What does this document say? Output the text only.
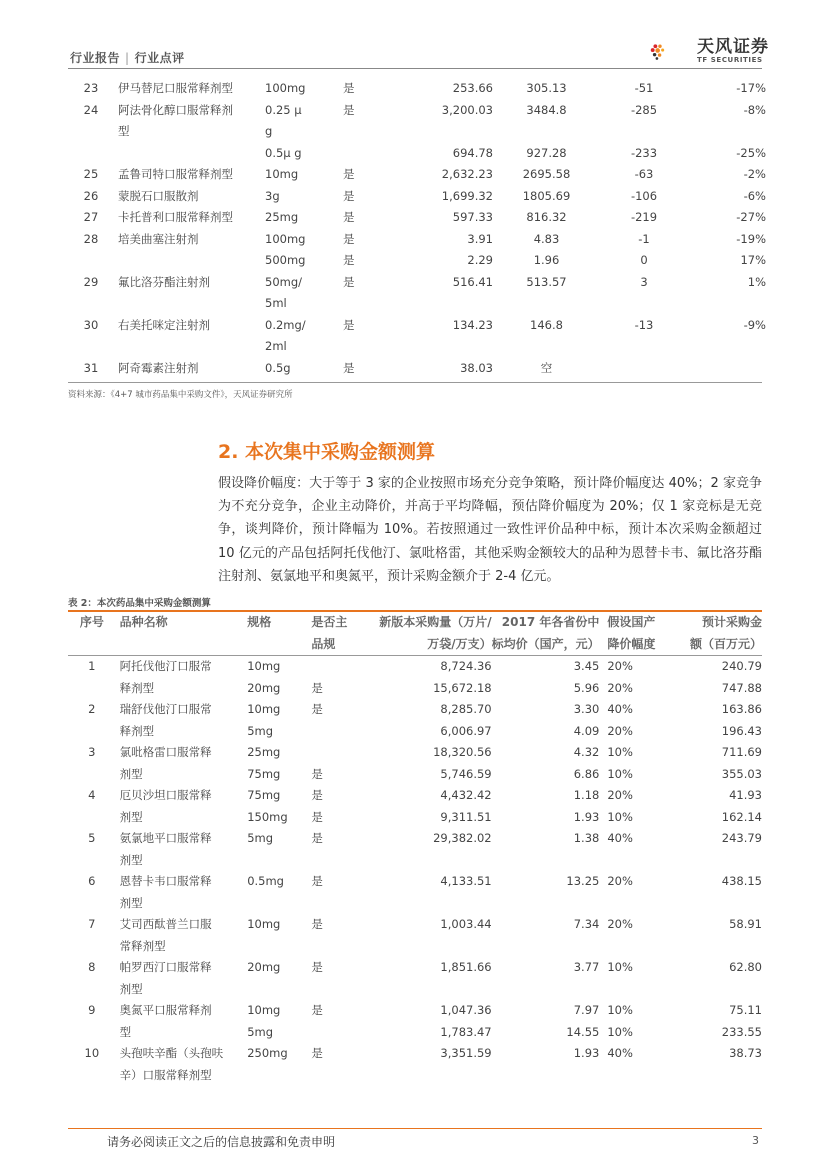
行业报告 | 行业点评
天风证券
TF SECURITIES
23	伊马替尼口服常释剂型	100mg	是	253.66	305.13	-51	-17%
24	阿法骨化醇口服常释剂	0.25 μ	是	3,200.03	3484.8	-285	-8%
	型	g					
		0.5μ g		694.78	927.28	-233	-25%
25	孟鲁司特口服常释剂型	10mg	是	2,632.23	2695.58	-63	-2%
26	蒙脱石口服散剂	3g	是	1,699.32	1805.69	-106	-6%
27	卡托普利口服常释剂型	25mg	是	597.33	816.32	-219	-27%
28	培美曲塞注射剂	100mg	是	3.91	4.83	-1	-19%
		500mg	是	2.29	1.96	0	17%
29	氟比洛芬酯注射剂	50mg/	是	516.41	513.57	3	1%
		5ml					
30	右美托咪定注射剂	0.2mg/	是	134.23	146.8	-13	-9%
		2ml					
31	阿奇霉素注射剂	0.5g	是	38.03	空		
资料来源：《4+7 城市药品集中采购文件》，天风证券研究所
2. 本次集中采购金额测算
假设降价幅度：大于等于 3 家的企业按照市场充分竞争策略，预计降价幅度达 40%；2 家竞争为不充分竞争，企业主动降价，并高于平均降幅，预估降价幅度为 20%；仅 1 家竞标是无竞争，谈判降价，预计降幅为 10%。若按照通过一致性评价品种中标，预计本次采购金额超过 10 亿元的产品包括阿托伐他汀、氯吡格雷，其他采购金额较大的品种为恩替卡韦、氟比洛芬酯注射剂、氨氯地平和奥氮平，预计采购金额介于 2-4 亿元。
表 2：本次药品集中采购金额测算
序号	品种名称	规格	是否主	新版本采购量（万片/	2017 年各省份中	假设国产	预计采购金
			品规	万袋/万支）	标均价（国产，元）	降价幅度	额（百万元）
1	阿托伐他汀口服常	10mg		8,724.36	3.45	20%	240.79
	释剂型	20mg	是	15,672.18	5.96	20%	747.88
2	瑞舒伐他汀口服常	10mg	是	8,285.70	3.30	40%	163.86
	释剂型	5mg		6,006.97	4.09	20%	196.43
3	氯吡格雷口服常释	25mg		18,320.56	4.32	10%	711.69
	剂型	75mg	是	5,746.59	6.86	10%	355.03
4	厄贝沙坦口服常释	75mg	是	4,432.42	1.18	20%	41.93
	剂型	150mg	是	9,311.51	1.93	10%	162.14
5	氨氯地平口服常释	5mg	是	29,382.02	1.38	40%	243.79
	剂型						
6	恩替卡韦口服常释	0.5mg	是	4,133.51	13.25	20%	438.15
	剂型						
7	艾司西酞普兰口服	10mg	是	1,003.44	7.34	20%	58.91
	常释剂型						
8	帕罗西汀口服常释	20mg	是	1,851.66	3.77	10%	62.80
	剂型						
9	奥氮平口服常释剂	10mg	是	1,047.36	7.97	10%	75.11
	型	5mg		1,783.47	14.55	10%	233.55
10	头孢呋辛酯（头孢呋	250mg	是	3,351.59	1.93	40%	38.73
	辛）口服常释剂型						
请务必阅读正文之后的信息披露和免责申明	3
